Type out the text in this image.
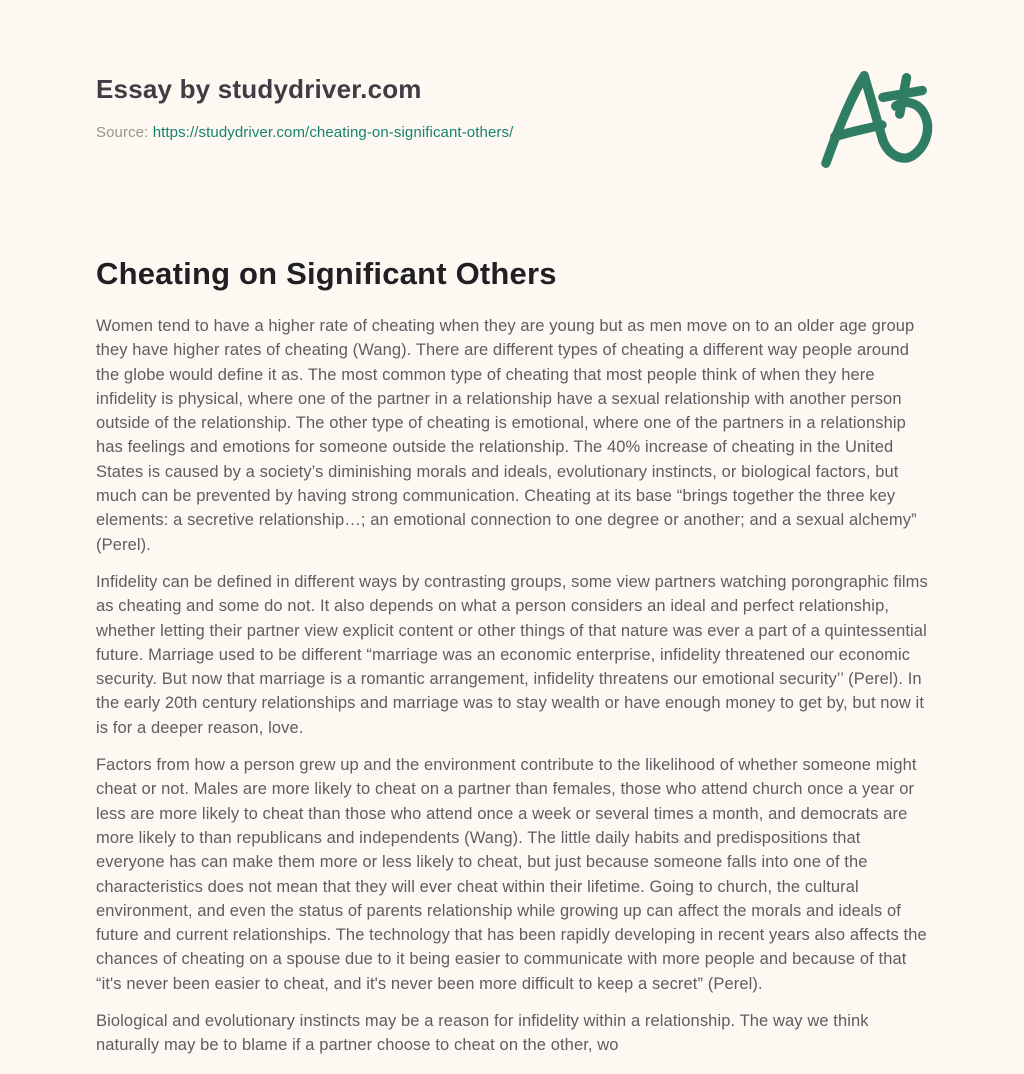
Essay by studydriver.com
Source: https://studydriver.com/cheating-on-significant-others/
Cheating on Significant Others

Women tend to have a higher rate of cheating when they are young but as men move on to an older age group they have higher rates of cheating (Wang). There are different types of cheating a different way people around the globe would define it as. The most common type of cheating that most people think of when they here infidelity is physical, where one of the partner in a relationship have a sexual relationship with another person outside of the relationship. The other type of cheating is emotional, where one of the partners in a relationship has feelings and emotions for someone outside the relationship. The 40% increase of cheating in the United States is caused by a society’s diminishing morals and ideals, evolutionary instincts, or biological factors, but much can be prevented by having strong communication. Cheating at its base “brings together the three key elements: a secretive relationship…; an emotional connection to one degree or another; and a sexual alchemy” (Perel).

Infidelity can be defined in different ways by contrasting groups, some view partners watching porongraphic films as cheating and some do not. It also depends on what a person considers an ideal and perfect relationship, whether letting their partner view explicit content or other things of that nature was ever a part of a quintessential future. Marriage used to be different “marriage was an economic enterprise, infidelity threatened our economic security. But now that marriage is a romantic arrangement, infidelity threatens our emotional security’’ (Perel). In the early 20th century relationships and marriage was to stay wealth or have enough money to get by, but now it is for a deeper reason, love.

Factors from how a person grew up and the environment contribute to the likelihood of whether someone might cheat or not. Males are more likely to cheat on a partner than females, those who attend church once a year or less are more likely to cheat than those who attend once a week or several times a month, and democrats are more likely to than republicans and independents (Wang). The little daily habits and predispositions that everyone has can make them more or less likely to cheat, but just because someone falls into one of the characteristics does not mean that they will ever cheat within their lifetime. Going to church, the cultural environment, and even the status of parents relationship while growing up can affect the morals and ideals of future and current relationships. The technology that has been rapidly developing in recent years also affects the chances of cheating on a spouse due to it being easier to communicate with more people and because of that “it's never been easier to cheat, and it's never been more difficult to keep a secret” (Perel).

Biological and evolutionary instincts may be a reason for infidelity within a relationship. The way we think naturally may be to blame if a partner choose to cheat on the other, wo
